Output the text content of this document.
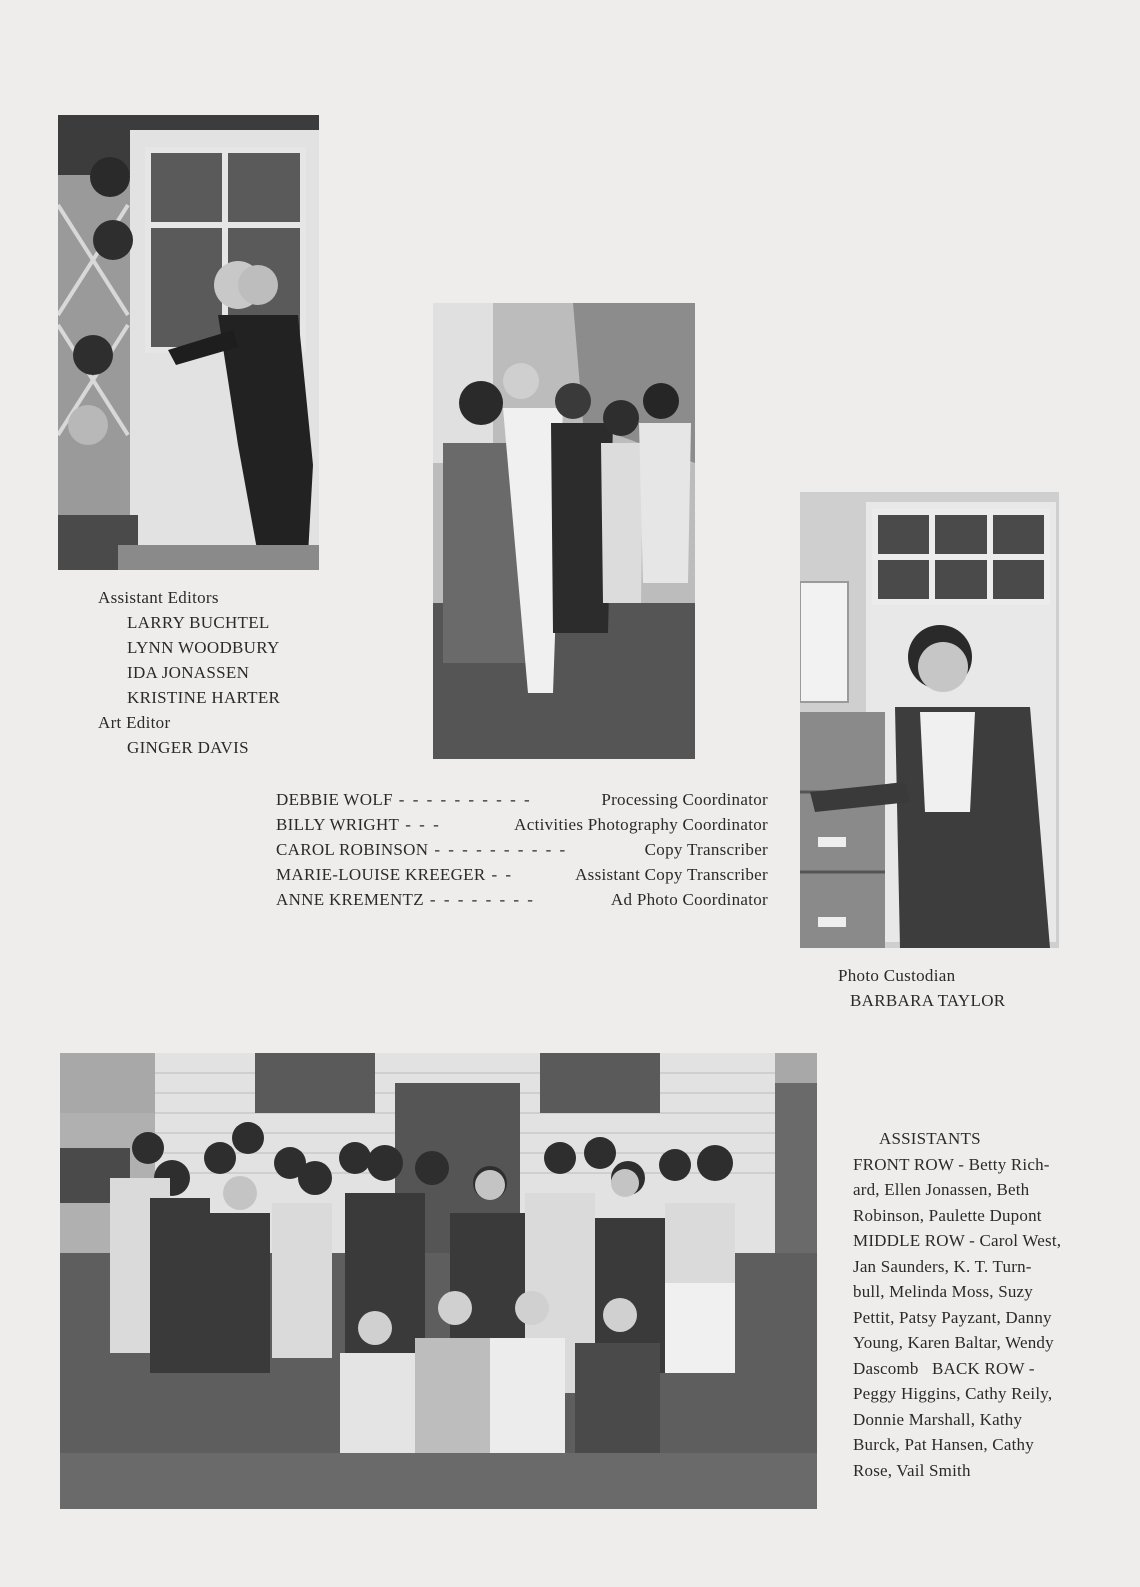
Assistant Editors
LARRY BUCHTEL
LYNN WOODBURY
IDA JONASSEN
KRISTINE HARTER
Art Editor
GINGER DAVIS
DEBBIE WOLF - - - - - - - - - -	Processing Coordinator
BILLY WRIGHT - - -	Activities Photography Coordinator
CAROL ROBINSON - - - - - - - - - -	Copy Transcriber
MARIE-LOUISE KREEGER - -	Assistant Copy Transcriber
ANNE KREMENTZ - - - - - - - -	Ad Photo Coordinator
Photo Custodian
BARBARA TAYLOR
ASSISTANTS
FRONT ROW - Betty Rich-
ard, Ellen Jonassen, Beth
Robinson, Paulette Dupont
MIDDLE ROW - Carol West,
Jan Saunders, K. T. Turn-
bull, Melinda Moss, Suzy
Pettit, Patsy Payzant, Danny
Young, Karen Baltar, Wendy
Dascomb   BACK ROW -
Peggy Higgins, Cathy Reily,
Donnie Marshall, Kathy
Burck, Pat Hansen, Cathy
Rose, Vail Smith
